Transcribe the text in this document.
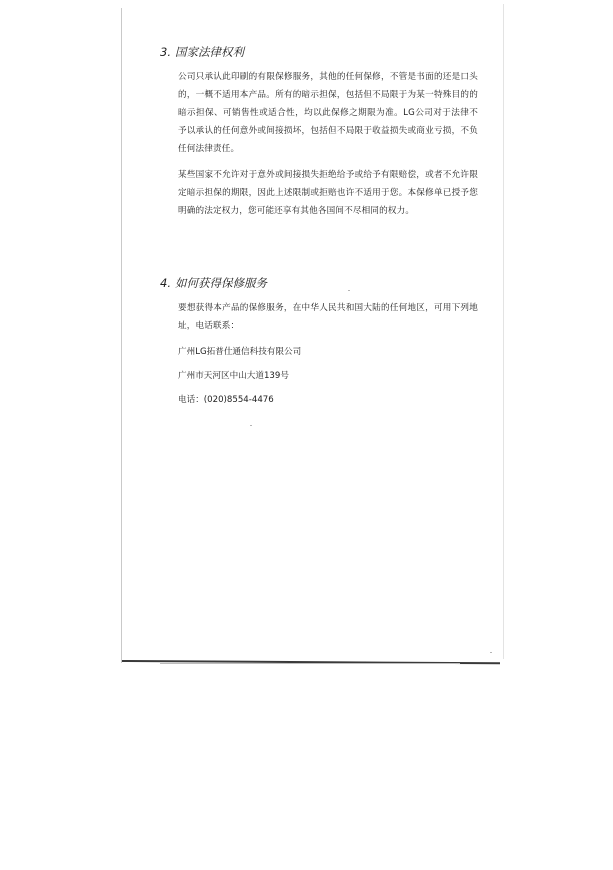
3. 国家法律权利

公司只承认此印刷的有限保修服务，其他的任何保修，不管是书面的还是口头的，一概不适用本产品。所有的暗示担保，包括但不局限于为某一特殊目的的暗示担保、可销售性或适合性，均以此保修之期限为准。LG公司对于法律不予以承认的任何意外或间接损坏，包括但不局限于收益损失或商业亏损，不负任何法律责任。

某些国家不允许对于意外或间接损失拒绝给予或给予有限赔偿，或者不允许限定暗示担保的期限，因此上述限制或拒赔也许不适用于您。本保修单已授予您明确的法定权力，您可能还享有其他各国间不尽相同的权力。

4. 如何获得保修服务

要想获得本产品的保修服务，在中华人民共和国大陆的任何地区，可用下列地址，电话联系：

广州LG拓普仕通信科技有限公司
广州市天河区中山大道139号
电话：(020)8554-4476
